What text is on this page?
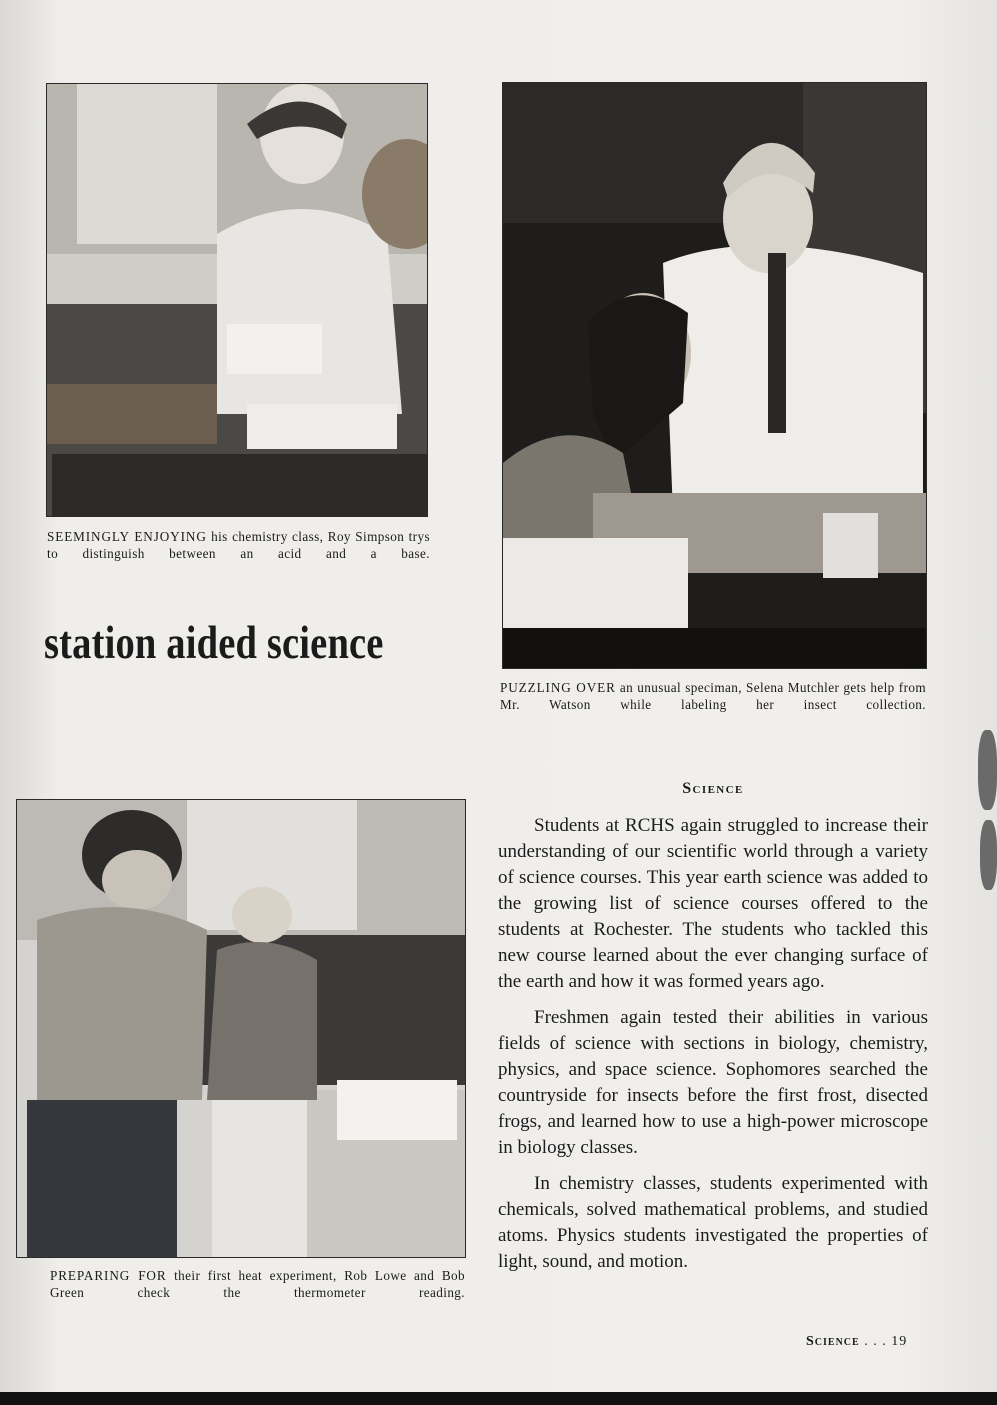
SEEMINGLY ENJOYING his chemistry class, Roy Simpson trys to distinguish between an acid and a base.

station aided science

PUZZLING OVER an unusual speciman, Selena Mutchler gets help from Mr. Watson while labeling her insect collection.

PREPARING FOR their first heat experiment, Rob Lowe and Bob Green check the thermometer reading.

Science

Students at RCHS again struggled to increase their understanding of our scientific world through a variety of science courses. This year earth science was added to the growing list of science courses offered to the students at Rochester. The students who tackled this new course learned about the ever changing surface of the earth and how it was formed years ago.

Freshmen again tested their abilities in various fields of science with sections in biology, chemistry, physics, and space science. Sophomores searched the countryside for insects before the first frost, disected frogs, and learned how to use a high-power microscope in biology classes.

In chemistry classes, students experimented with chemicals, solved mathematical problems, and studied atoms. Physics students investigated the properties of light, sound, and motion.

Science . . . 19
